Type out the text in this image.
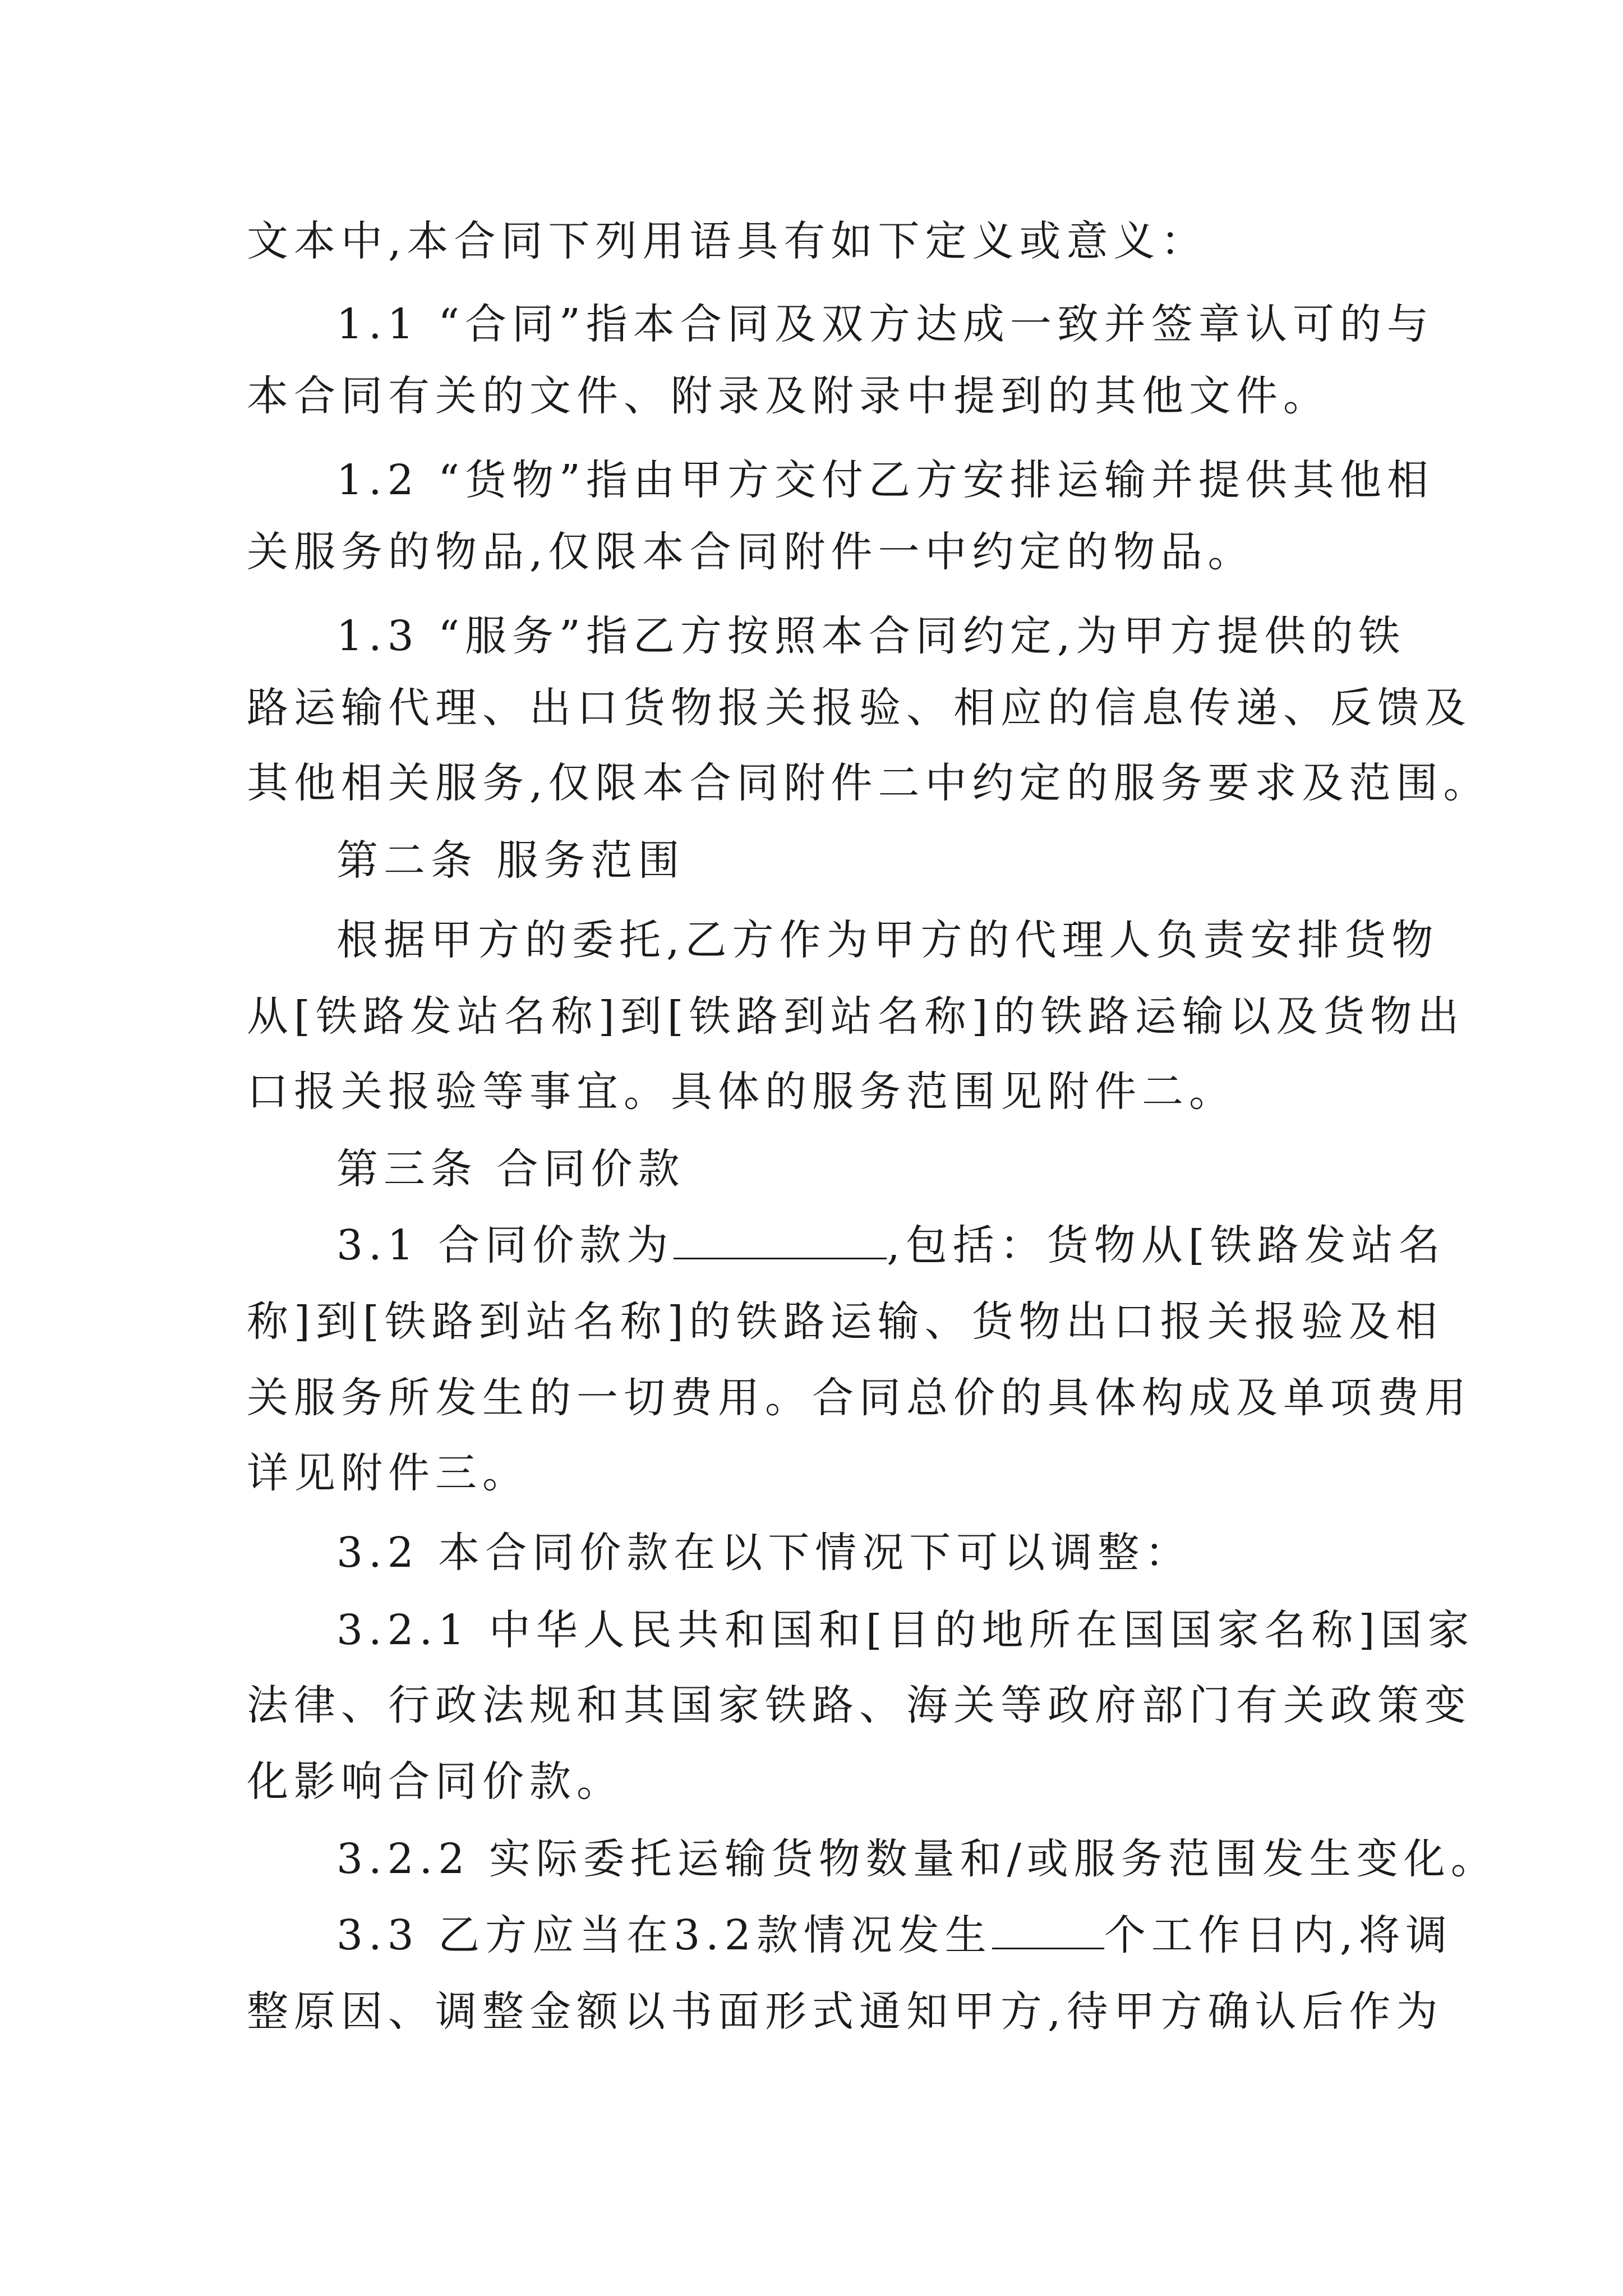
文本中,本合同下列用语具有如下定义或意义：
1.1 “合同”指本合同及双方达成一致并签章认可的与
本合同有关的文件、附录及附录中提到的其他文件。
1.2 “货物”指由甲方交付乙方安排运输并提供其他相
关服务的物品,仅限本合同附件一中约定的物品。
1.3 “服务”指乙方按照本合同约定,为甲方提供的铁
路运输代理、出口货物报关报验、相应的信息传递、反馈及
其他相关服务,仅限本合同附件二中约定的服务要求及范围。
第二条 服务范围
根据甲方的委托,乙方作为甲方的代理人负责安排货物
从[铁路发站名称]到[铁路到站名称]的铁路运输以及货物出
口报关报验等事宜。具体的服务范围见附件二。
第三条 合同价款
3.1 合同价款为	,包括：货物从[铁路发站名
称]到[铁路到站名称]的铁路运输、货物出口报关报验及相
关服务所发生的一切费用。合同总价的具体构成及单项费用
详见附件三。
3.2 本合同价款在以下情况下可以调整：
3.2.1 中华人民共和国和[目的地所在国国家名称]国家
法律、行政法规和其国家铁路、海关等政府部门有关政策变
化影响合同价款。
3.2.2 实际委托运输货物数量和/或服务范围发生变化。
3.3 乙方应当在3.2款情况发生	个工作日内,将调
整原因、调整金额以书面形式通知甲方,待甲方确认后作为
